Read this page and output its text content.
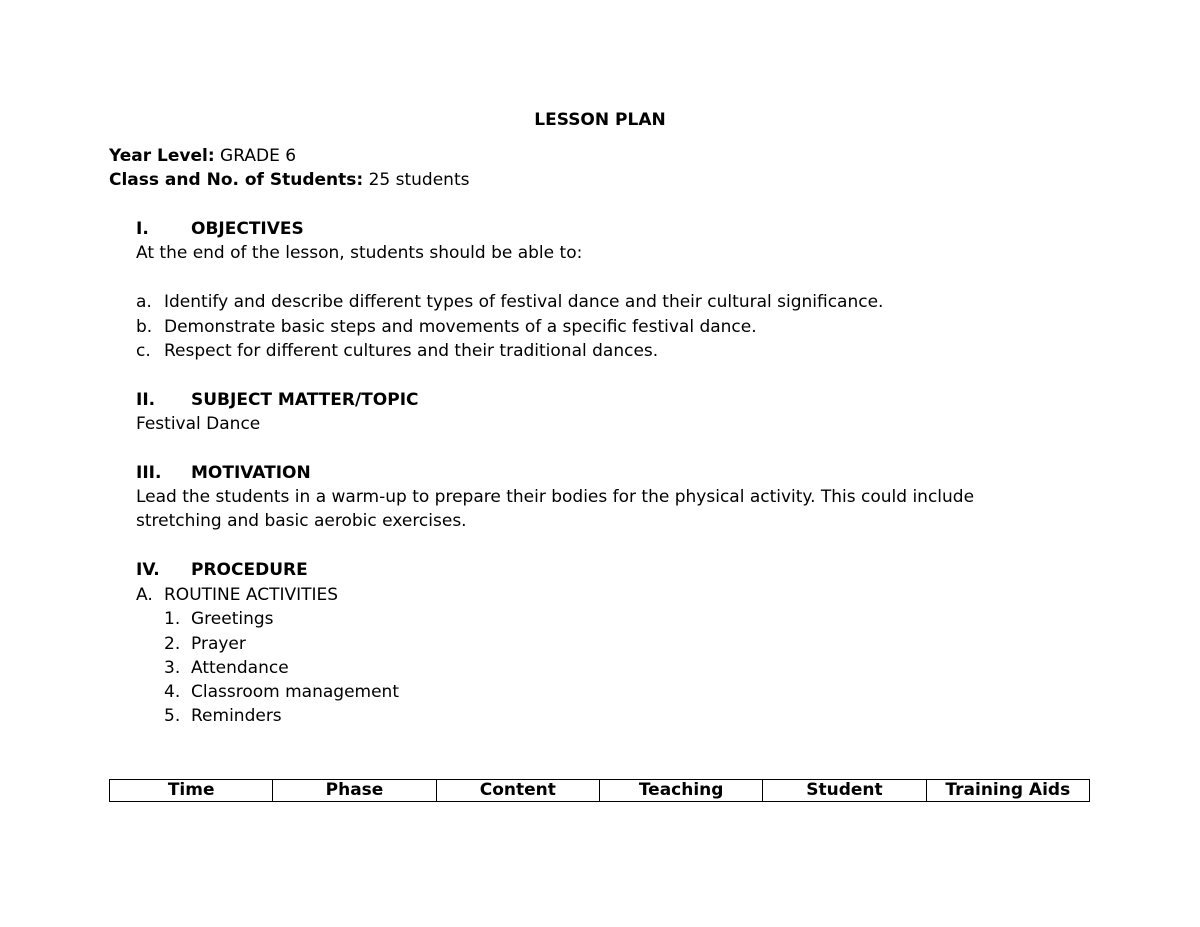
LESSON PLAN
Year Level: GRADE 6
Class and No. of Students: 25 students
I. OBJECTIVES
At the end of the lesson, students should be able to:
a. Identify and describe different types of festival dance and their cultural significance.
b. Demonstrate basic steps and movements of a specific festival dance.
c. Respect for different cultures and their traditional dances.
II. SUBJECT MATTER/TOPIC
Festival Dance
III. MOTIVATION
Lead the students in a warm-up to prepare their bodies for the physical activity. This could include
stretching and basic aerobic exercises.
IV. PROCEDURE
A. ROUTINE ACTIVITIES
1. Greetings
2. Prayer
3. Attendance
4. Classroom management
5. Reminders
Time	Phase	Content	Teaching	Student	Training Aids
